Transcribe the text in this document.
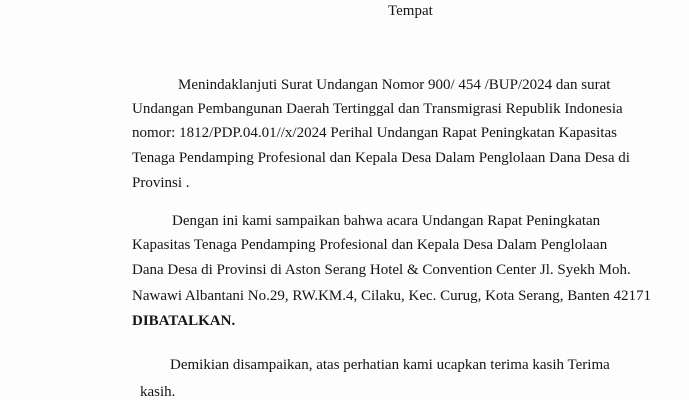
Tempat
Menindaklanjuti Surat Undangan Nomor 900/ 454 /BUP/2024 dan surat
Undangan Pembangunan Daerah Tertinggal dan Transmigrasi Republik Indonesia
nomor: 1812/PDP.04.01//x/2024 Perihal Undangan Rapat Peningkatan Kapasitas
Tenaga Pendamping Profesional dan Kepala Desa Dalam Penglolaan Dana Desa di
Provinsi .
Dengan ini kami sampaikan bahwa acara Undangan Rapat Peningkatan
Kapasitas Tenaga Pendamping Profesional dan Kepala Desa Dalam Penglolaan
Dana Desa di Provinsi di Aston Serang Hotel & Convention Center Jl. Syekh Moh.
Nawawi Albantani No.29, RW.KM.4, Cilaku, Kec. Curug, Kota Serang, Banten 42171
DIBATALKAN.
Demikian disampaikan, atas perhatian kami ucapkan terima kasih Terima
kasih.
